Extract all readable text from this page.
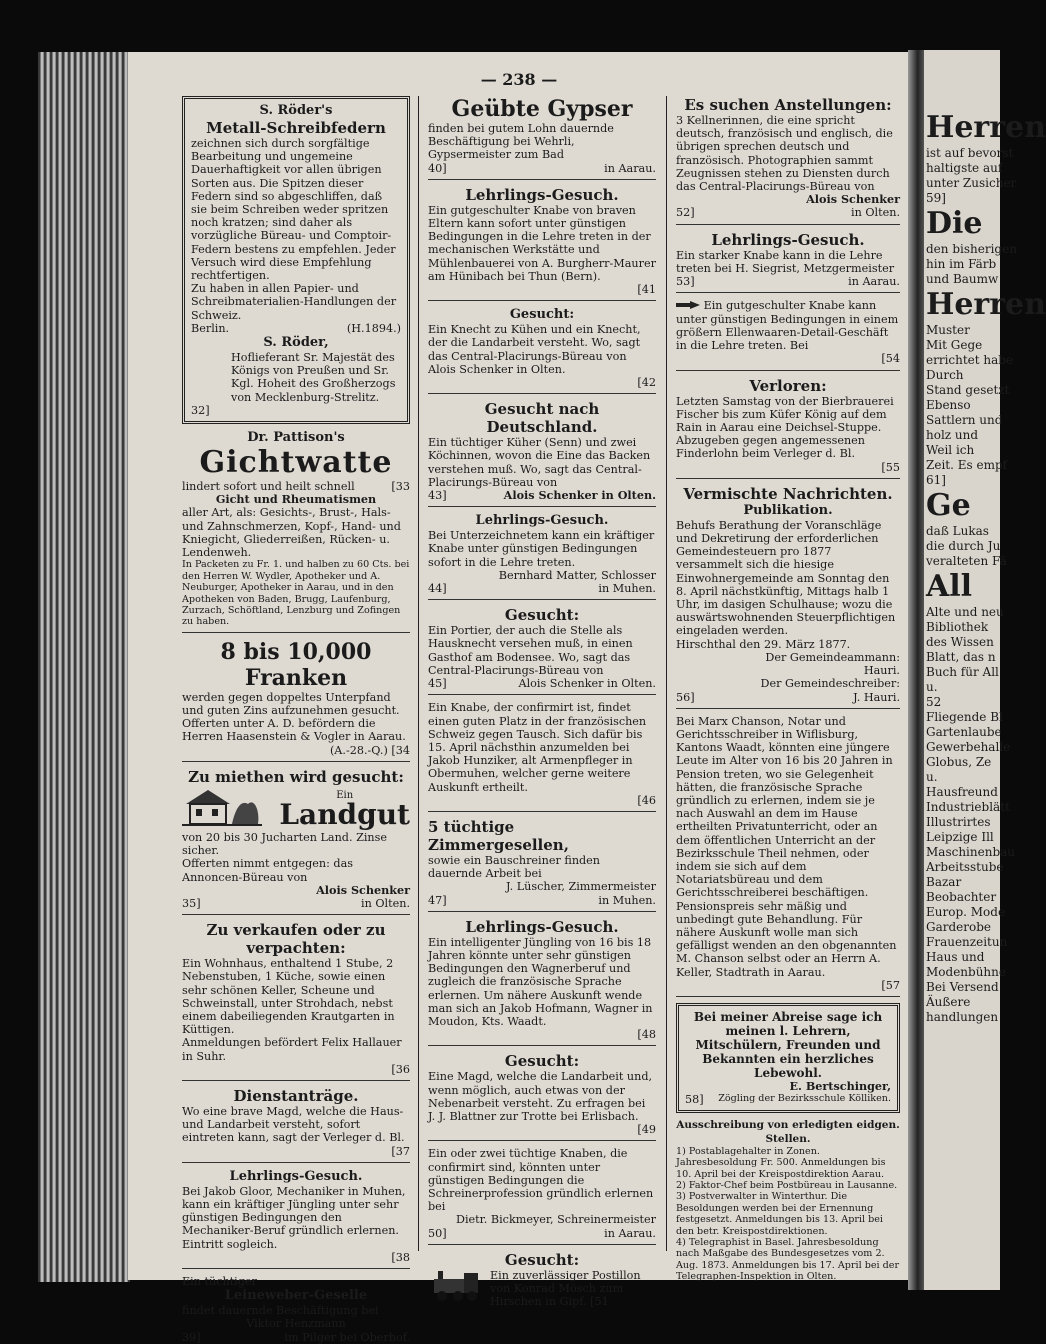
— 238 —
S. Röder's
Metall-Schreibfedern
zeichnen sich durch sorgfältige Bearbeitung und ungemeine Dauerhaftigkeit vor allen übrigen Sorten aus. Die Spitzen dieser Federn sind so abgeschliffen, daß sie beim Schreiben weder spritzen noch kratzen; sind daher als vorzügliche Büreau- und Comptoir-Federn bestens zu empfehlen. Jeder Versuch wird diese Empfehlung rechtfertigen.
Zu haben in allen Papier- und Schreibmaterialien-Handlungen der Schweiz.
Berlin.	(H.1894.)
S. Röder,
Hoflieferant Sr. Majestät des Königs von Preußen und Sr. Kgl. Hoheit des Großherzogs von Mecklenburg-Strelitz.
32]
Dr. Pattison's
Gichtwatte
lindert sofort und heilt schnell	[33
Gicht und Rheumatismen
aller Art, als: Gesichts-, Brust-, Hals- und Zahnschmerzen, Kopf-, Hand- und Kniegicht, Gliederreißen, Rücken- u. Lendenweh.
In Packeten zu Fr. 1. und halben zu 60 Cts. bei den Herren W. Wydler, Apotheker und A. Neuburger, Apotheker in Aarau, und in den Apotheken von Baden, Brugg, Laufenburg, Zurzach, Schöftland, Lenzburg und Zofingen zu haben.
8 bis 10,000 Franken
werden gegen doppeltes Unterpfand und guten Zins aufzunehmen gesucht. Offerten unter A. D. befördern die Herren Haasenstein & Vogler in Aarau.
(A.-28.-Q.) [34
Zu miethen wird gesucht:
Ein
Landgut
von 20 bis 30 Jucharten Land. Zinse sicher.
Offerten nimmt entgegen: das Annoncen-Büreau von
Alois Schenker
35]	in Olten.
Zu verkaufen oder zu verpachten:
Ein Wohnhaus, enthaltend 1 Stube, 2 Nebenstuben, 1 Küche, sowie einen sehr schönen Keller, Scheune und Schweinstall, unter Strohdach, nebst einem dabeiliegenden Krautgarten in Küttigen.
Anmeldungen befördert Felix Hallauer in Suhr.
[36
Dienstanträge.
Wo eine brave Magd, welche die Haus- und Landarbeit versteht, sofort eintreten kann, sagt der Verleger d. Bl.
[37
Lehrlings-Gesuch.
Bei Jakob Gloor, Mechaniker in Muhen, kann ein kräftiger Jüngling unter sehr günstigen Bedingungen den Mechaniker-Beruf gründlich erlernen. Eintritt sogleich.
[38
Ein tüchtiger
Leineweber-Geselle
findet dauernde Beschäftigung bei
Viktor Henzmann
39]	im Pilger bei Oberhof.
Geübte Gypser
finden bei gutem Lohn dauernde Beschäftigung bei Wehrli, Gypsermeister zum Bad
40]	in Aarau.
Lehrlings-Gesuch.
Ein gutgeschulter Knabe von braven Eltern kann sofort unter günstigen Bedingungen in die Lehre treten in der mechanischen Werkstätte und Mühlenbauerei von A. Burgherr-Maurer am Hünibach bei Thun (Bern).
[41
Gesucht:
Ein Knecht zu Kühen und ein Knecht, der die Landarbeit versteht. Wo, sagt das Central-Placirungs-Büreau von Alois Schenker in Olten.
[42
Gesucht nach Deutschland.
Ein tüchtiger Küher (Senn) und zwei Köchinnen, wovon die Eine das Backen verstehen muß. Wo, sagt das Central-Placirungs-Büreau von
43]	Alois Schenker in Olten.
Lehrlings-Gesuch.
Bei Unterzeichnetem kann ein kräftiger Knabe unter günstigen Bedingungen sofort in die Lehre treten.
Bernhard Matter, Schlosser
44]	in Muhen.
Gesucht:
Ein Portier, der auch die Stelle als Hausknecht versehen muß, in einen Gasthof am Bodensee. Wo, sagt das Central-Placirungs-Büreau von
45]	Alois Schenker in Olten.
Ein Knabe, der confirmirt ist, findet einen guten Platz in der französischen Schweiz gegen Tausch. Sich dafür bis 15. April nächsthin anzumelden bei Jakob Hunziker, alt Armenpfleger in Obermuhen, welcher gerne weitere Auskunft ertheilt.
[46
5 tüchtige Zimmergesellen,
sowie ein Bauschreiner finden dauernde Arbeit bei
J. Lüscher, Zimmermeister
47]	in Muhen.
Lehrlings-Gesuch.
Ein intelligenter Jüngling von 16 bis 18 Jahren könnte unter sehr günstigen Bedingungen den Wagnerberuf und zugleich die französische Sprache erlernen. Um nähere Auskunft wende man sich an Jakob Hofmann, Wagner in Moudon, Kts. Waadt.
[48
Gesucht:
Eine Magd, welche die Landarbeit und, wenn möglich, auch etwas von der Nebenarbeit versteht. Zu erfragen bei J. J. Blattner zur Trotte bei Erlisbach.
[49
Ein oder zwei tüchtige Knaben, die confirmirt sind, könnten unter günstigen Bedingungen die Schreinerprofession gründlich erlernen bei
Dietr. Bickmeyer, Schreinermeister
50]	in Aarau.
Gesucht:
Ein zuverlässiger Postillon von Konrad Mösch zum Hirschen in Gipf. [51
Es suchen Anstellungen:
3 Kellnerinnen, die eine spricht deutsch, französisch und englisch, die übrigen sprechen deutsch und französisch. Photographien sammt Zeugnissen stehen zu Diensten durch das Central-Placirungs-Büreau von
Alois Schenker
52]	in Olten.
Lehrlings-Gesuch.
Ein starker Knabe kann in die Lehre treten bei H. Siegrist, Metzgermeister
53]	in Aarau.
Ein gutgeschulter Knabe kann unter günstigen Bedingungen in einem größern Ellenwaaren-Detail-Geschäft in die Lehre treten. Bei
[54
Verloren:
Letzten Samstag von der Bierbrauerei Fischer bis zum Küfer König auf dem Rain in Aarau eine Deichsel-Stuppe. Abzugeben gegen angemessenen Finderlohn beim Verleger d. Bl.
[55
Vermischte Nachrichten.
Publikation.
Behufs Berathung der Voranschläge und Dekretirung der erforderlichen Gemeindesteuern pro 1877 versammelt sich die hiesige Einwohnergemeinde am Sonntag den 8. April nächstkünftig, Mittags halb 1 Uhr, im dasigen Schulhause; wozu die auswärtswohnenden Steuerpflichtigen eingeladen werden.
Hirschthal den 29. März 1877.
Der Gemeindeammann:
Hauri.
Der Gemeindeschreiber:
56]	J. Hauri.
Bei Marx Chanson, Notar und Gerichtsschreiber in Wiflisburg, Kantons Waadt, könnten eine jüngere Leute im Alter von 16 bis 20 Jahren in Pension treten, wo sie Gelegenheit hätten, die französische Sprache gründlich zu erlernen, indem sie je nach Auswahl an dem im Hause ertheilten Privatunterricht, oder an dem öffentlichen Unterricht an der Bezirksschule Theil nehmen, oder indem sie sich auf dem Notariatsbüreau und dem Gerichtsschreiberei beschäftigen. Pensionspreis sehr mäßig und unbedingt gute Behandlung. Für nähere Auskunft wolle man sich gefälligst wenden an den obgenannten M. Chanson selbst oder an Herrn A. Keller, Stadtrath in Aarau.
[57
Bei meiner Abreise sage ich meinen l. Lehrern, Mitschülern, Freunden und Bekannten ein herzliches Lebewohl.
E. Bertschinger,
58] Zögling der Bezirksschule Kölliken.
Ausschreibung von erledigten eidgen. Stellen.
1) Postablagehalter in Zonen. Jahresbesoldung Fr. 500. Anmeldungen bis 10. April bei der Kreispostdirektion Aarau.
2) Faktor-Chef beim Postbüreau in Lausanne.
3) Postverwalter in Winterthur. Die Besoldungen werden bei der Ernennung festgesetzt. Anmeldungen bis 13. April bei den betr. Kreispostdirektionen.
4) Telegraphist in Basel. Jahresbesoldung nach Maßgabe des Bundesgesetzes vom 2. Aug. 1873. Anmeldungen bis 17. April bei der Telegraphen-Inspektion in Olten.
Herren
ist auf bevorst
haltigste auf
unter Zusicher
59]
Die
den bisherigen
hin im Färb
und Baumw
Herren
Muster
Mit Gege
errichtet habe
Durch
Stand gesetzt
Ebenso
Sattlern und
holz und
Weil ich
Zeit. Es empf
61]
Ge
daß Lukas
die durch Ju
veralteten Fä
All
Alte und neu
Bibliothek
des Wissen
Blatt, das n
Buch für All
u.
52
Fliegende Bl
Gartenlaube
Gewerbehalle
Globus, Ze
u.
Hausfreund
Industrieblätt
Illustrirtes
Leipzige Ill
Maschinenbau
Arbeitsstube
Bazar
Beobachter
Europ. Mode
Garderobe
Frauenzeitun
Haus und
Modenbühne
Bei Versend
Äußere
handlungen
